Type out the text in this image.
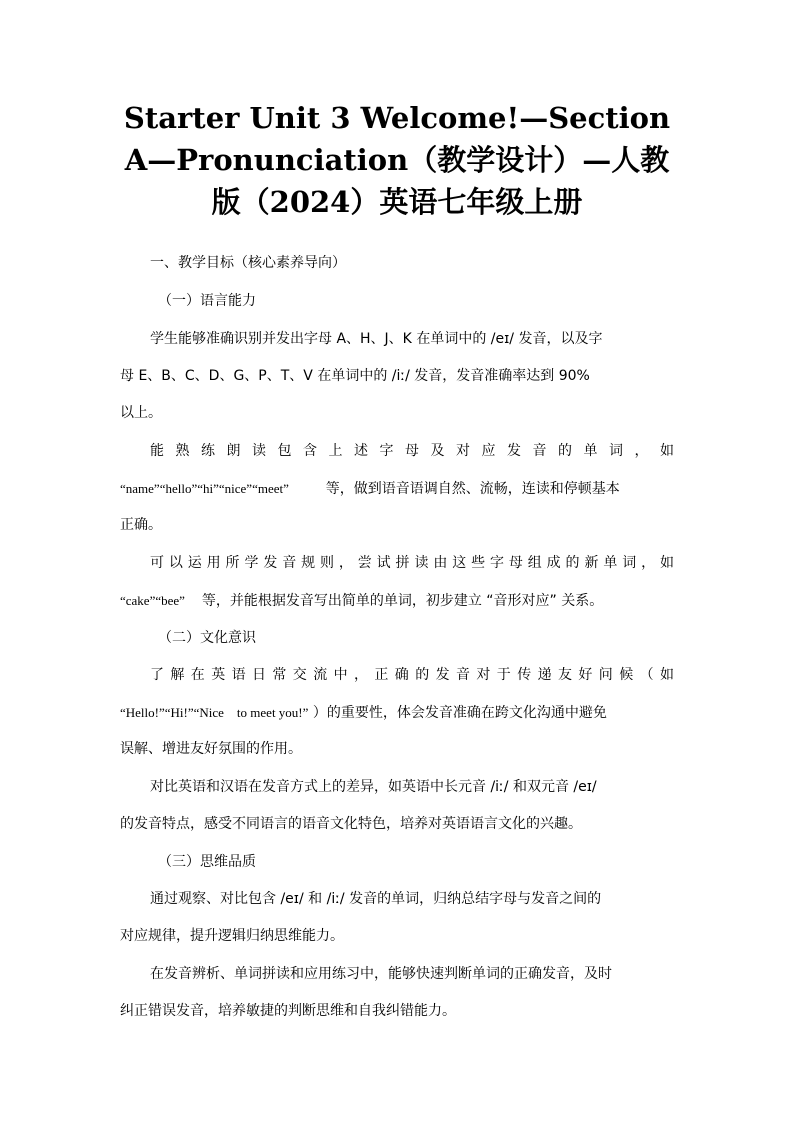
Starter Unit 3 Welcome!—Section
A—Pronunciation（教学设计）—人教
版（2024）英语七年级上册
一、教学目标（核心素养导向）
（一）语言能力
学生能够准确识别并发出字母 A、H、J、K 在单词中的 /eɪ/ 发音，以及字
母 E、B、C、D、G、P、T、V 在单词中的 /iː/ 发音，发音准确率达到 90%
以上。
能熟练朗读包含上述字母及对应发音的单词，如
“name”“hello”“hi”“nice”“meet”	等，做到语音语调自然、流畅，连读和停顿基本
正确。
可以运用所学发音规则，尝试拼读由这些字母组成的新单词，如
“cake”“bee” 等，并能根据发音写出简单的单词，初步建立 “音形对应” 关系。
（二）文化意识
了解在英语日常交流中，正确的发音对于传递友好问候（如
“Hello!”“Hi!”“Nice    to meet you!” ）的重要性，体会发音准确在跨文化沟通中避免
误解、增进友好氛围的作用。
对比英语和汉语在发音方式上的差异，如英语中长元音 /iː/ 和双元音 /eɪ/
的发音特点，感受不同语言的语音文化特色，培养对英语语言文化的兴趣。
（三）思维品质
通过观察、对比包含 /eɪ/ 和 /iː/ 发音的单词，归纳总结字母与发音之间的
对应规律，提升逻辑归纳思维能力。
在发音辨析、单词拼读和应用练习中，能够快速判断单词的正确发音，及时
纠正错误发音，培养敏捷的判断思维和自我纠错能力。
